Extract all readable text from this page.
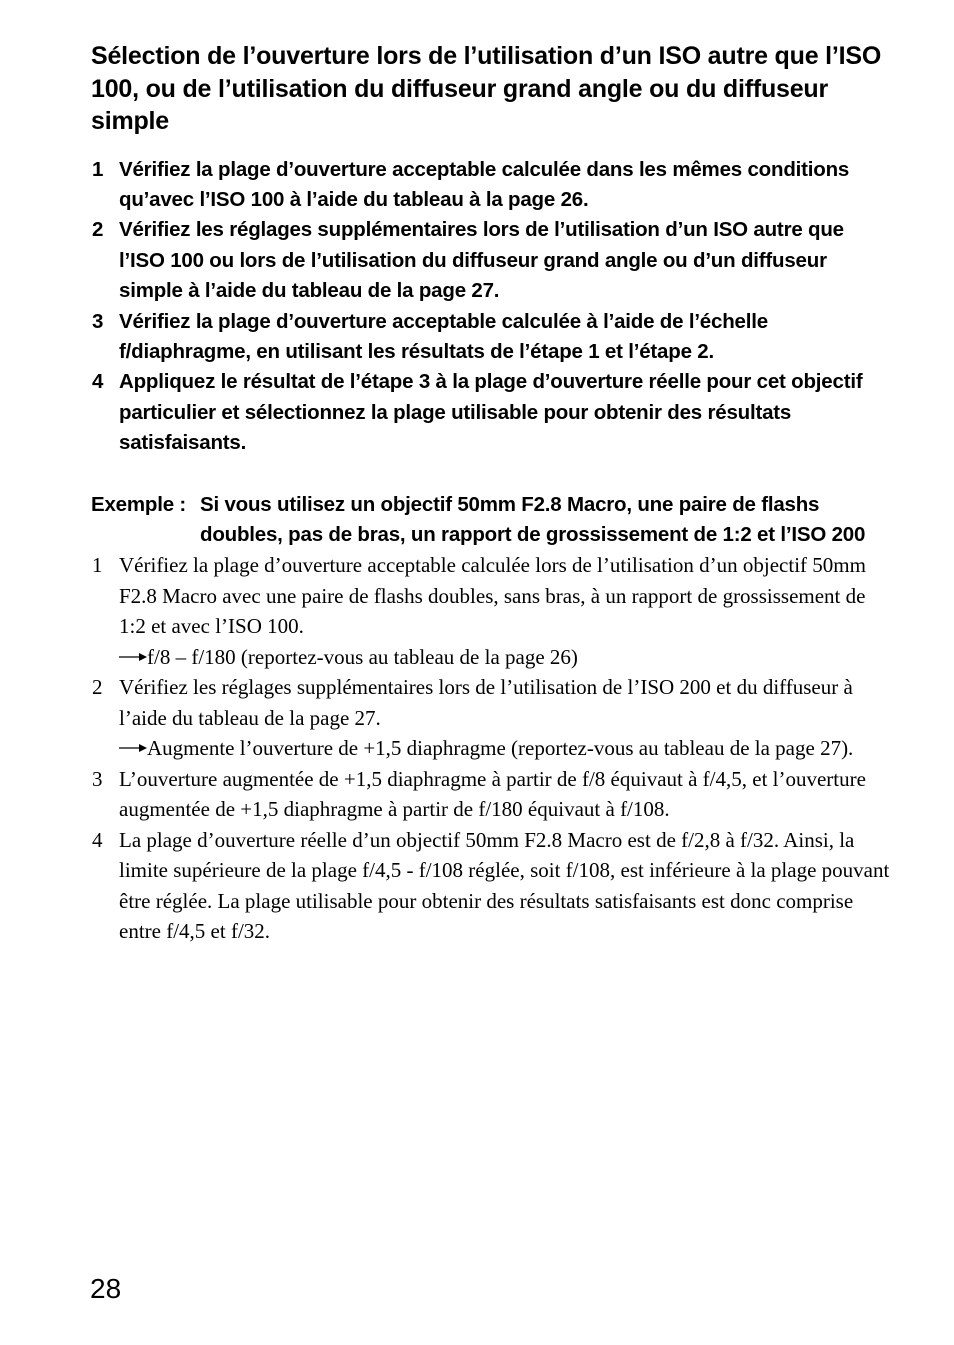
Sélection de l’ouverture lors de l’utilisation d’un ISO autre que l’ISO 100, ou de l’utilisation du diffuseur grand angle ou du diffuseur simple
1 Vérifiez la plage d’ouverture acceptable calculée dans les mêmes conditions qu’avec l’ISO 100 à l’aide du tableau à la page 26.
2 Vérifiez les réglages supplémentaires lors de l’utilisation d’un ISO autre que l’ISO 100 ou lors de l’utilisation du diffuseur grand angle ou d’un diffuseur simple à l’aide du tableau de la page 27.
3 Vérifiez la plage d’ouverture acceptable calculée à l’aide de l’échelle f/diaphragme, en utilisant les résultats de l’étape 1 et l’étape 2.
4 Appliquez le résultat de l’étape 3 à la plage d’ouverture réelle pour cet objectif particulier et sélectionnez la plage utilisable pour obtenir des résultats satisfaisants.
Exemple : Si vous utilisez un objectif 50mm F2.8 Macro, une paire de flashs doubles, pas de bras, un rapport de grossissement de 1:2 et l’ISO 200
1 Vérifiez la plage d’ouverture acceptable calculée lors de l’utilisation d’un objectif 50mm F2.8 Macro avec une paire de flashs doubles, sans bras, à un rapport de grossissement de 1:2 et avec l’ISO 100.
f/8 – f/180 (reportez-vous au tableau de la page 26)
2 Vérifiez les réglages supplémentaires lors de l’utilisation de l’ISO 200 et du diffuseur à l’aide du tableau de la page 27.
Augmente l’ouverture de +1,5 diaphragme (reportez-vous au tableau de la page 27).
3 L’ouverture augmentée de +1,5 diaphragme à partir de f/8 équivaut à f/4,5, et l’ouverture augmentée de +1,5 diaphragme à partir de f/180 équivaut à f/108.
4 La plage d’ouverture réelle d’un objectif 50mm F2.8 Macro est de f/2,8 à f/32. Ainsi, la limite supérieure de la plage f/4,5 - f/108 réglée, soit f/108, est inférieure à la plage pouvant être réglée. La plage utilisable pour obtenir des résultats satisfaisants est donc comprise entre f/4,5 et f/32.
28
